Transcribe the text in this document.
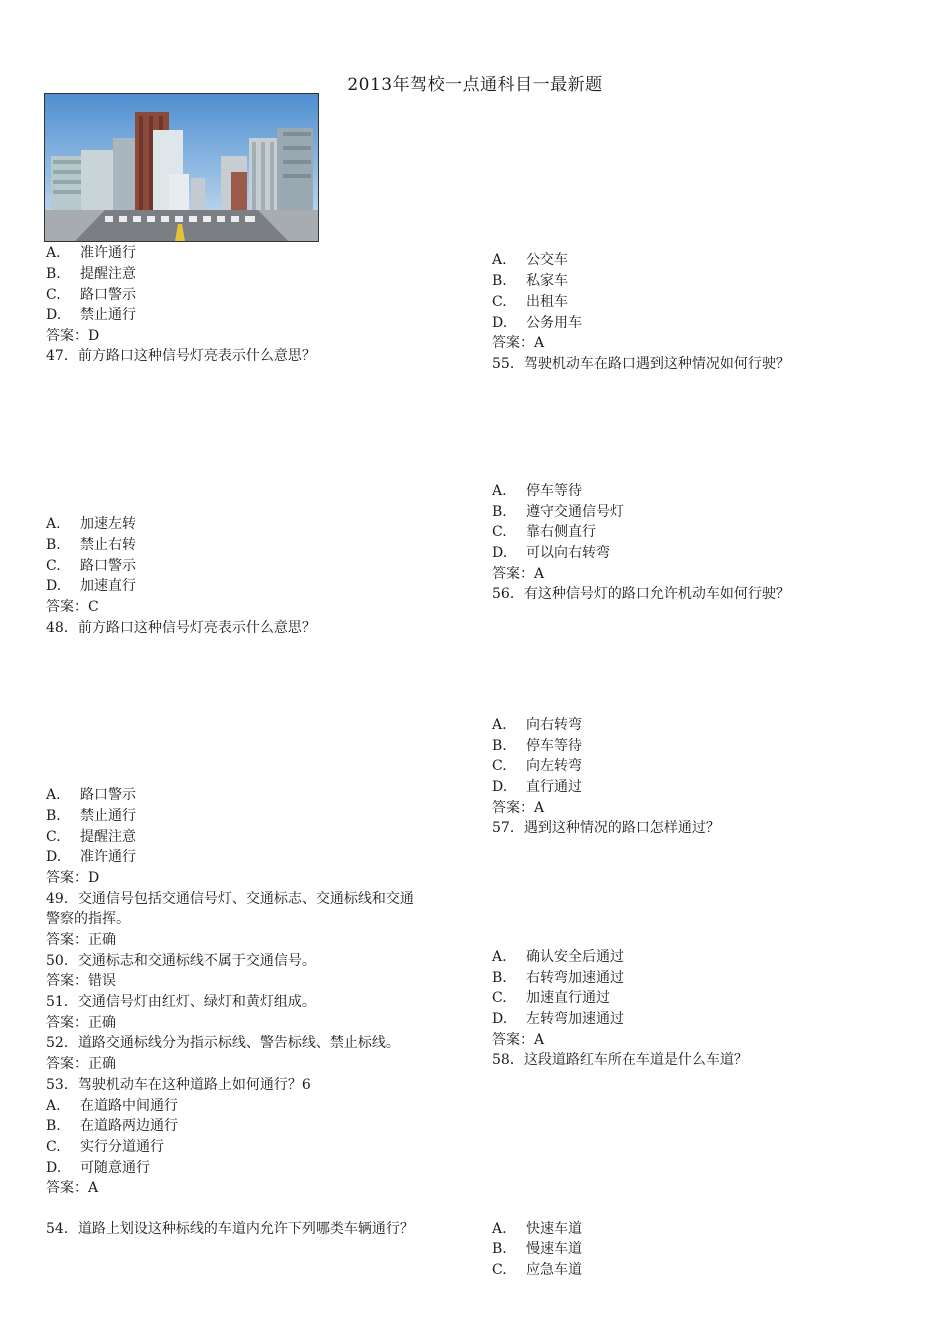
2013年驾校一点通科目一最新题
A. 准许通行
B. 提醒注意
C. 路口警示
D. 禁止通行
答案：D
47．前方路口这种信号灯亮表示什么意思？
A. 加速左转
B. 禁止右转
C. 路口警示
D. 加速直行
答案：C
48．前方路口这种信号灯亮表示什么意思？
A. 路口警示
B. 禁止通行
C. 提醒注意
D. 准许通行
答案：D
49．交通信号包括交通信号灯、交通标志、交通标线和交通
警察的指挥。
答案：正确
50．交通标志和交通标线不属于交通信号。
答案：错误
51．交通信号灯由红灯、绿灯和黄灯组成。
答案：正确
52．道路交通标线分为指示标线、警告标线、禁止标线。
答案：正确
53．驾驶机动车在这种道路上如何通行？6
A. 在道路中间通行
B. 在道路两边通行
C. 实行分道通行
D. 可随意通行
答案：A
54．道路上划设这种标线的车道内允许下列哪类车辆通行？
A. 公交车
B. 私家车
C. 出租车
D. 公务用车
答案：A
55．驾驶机动车在路口遇到这种情况如何行驶？
A. 停车等待
B. 遵守交通信号灯
C. 靠右侧直行
D. 可以向右转弯
答案：A
56．有这种信号灯的路口允许机动车如何行驶？
A. 向右转弯
B. 停车等待
C. 向左转弯
D. 直行通过
答案：A
57．遇到这种情况的路口怎样通过？
A. 确认安全后通过
B. 右转弯加速通过
C. 加速直行通过
D. 左转弯加速通过
答案：A
58．这段道路红车所在车道是什么车道？
A. 快速车道
B. 慢速车道
C. 应急车道
